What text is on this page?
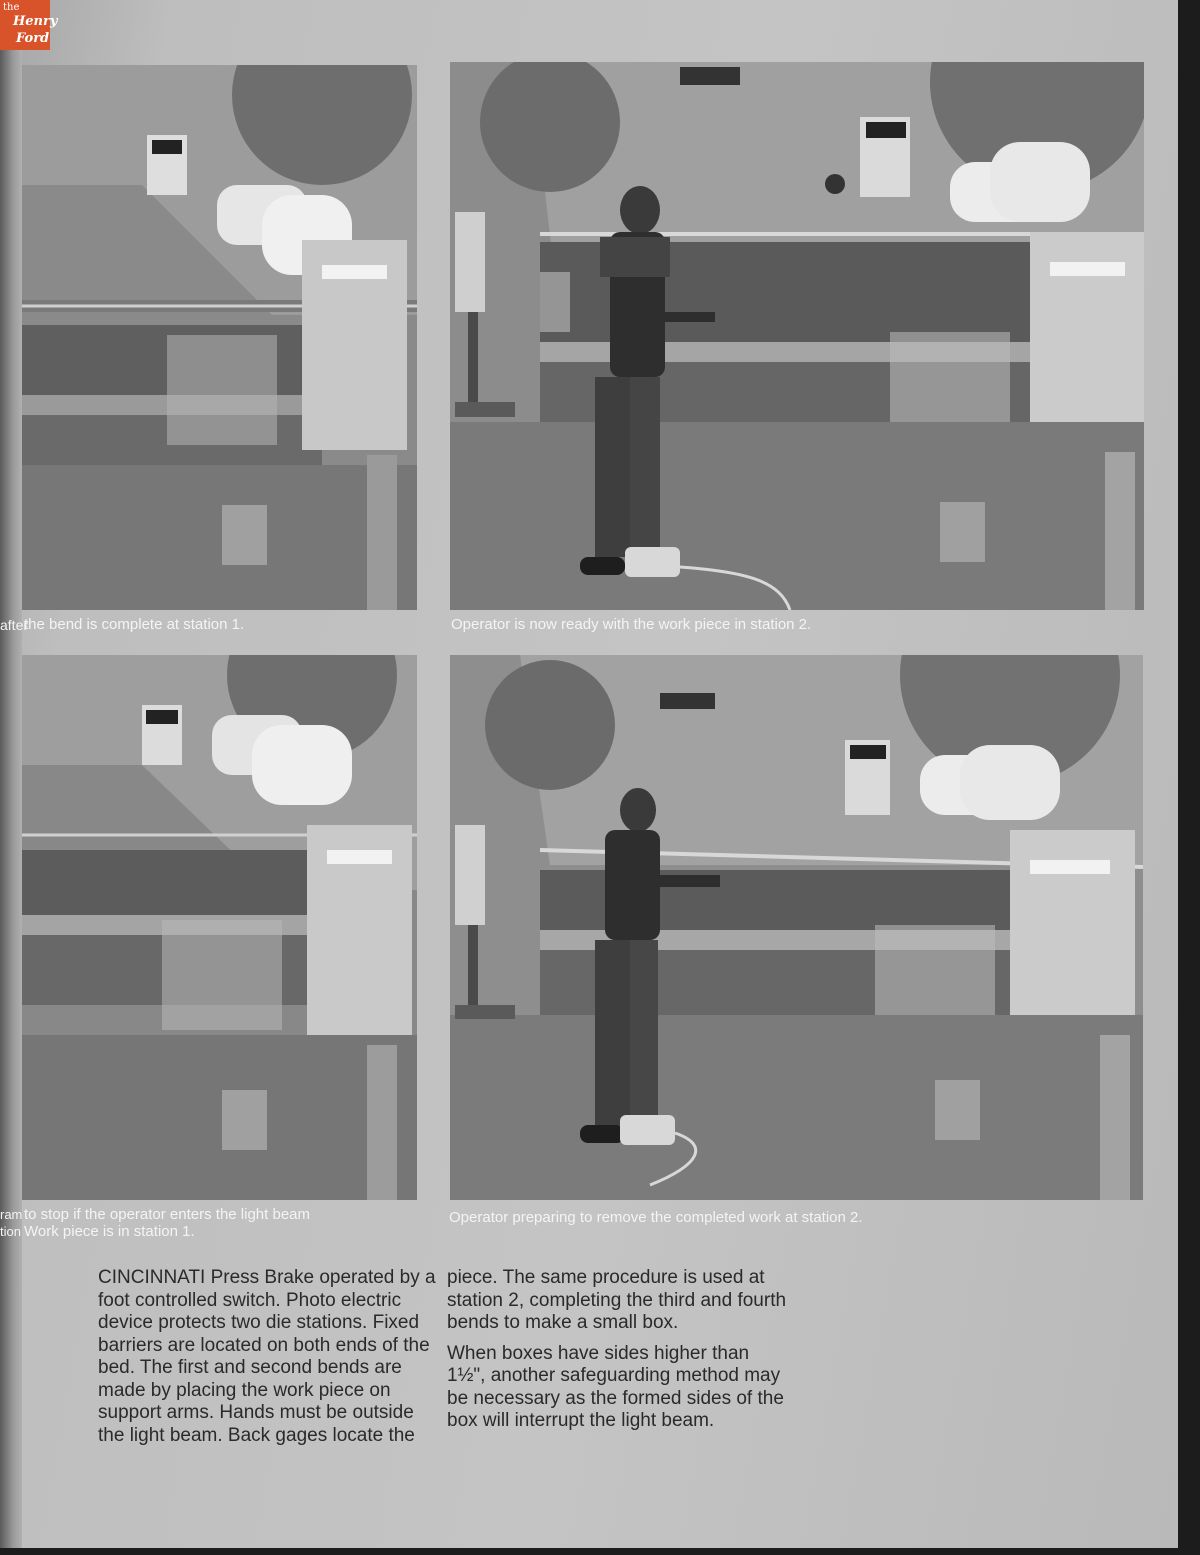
after
the bend is complete at station 1.	Operator is now ready with the work piece in station 2.
ram to stop if the operator enters the light beam
tion Work piece is in station 1.
Operator preparing to remove the completed work at station 2.

CINCINNATI Press Brake operated by a foot controlled switch. Photo electric device protects two die stations. Fixed barriers are located on both ends of the bed. The first and second bends are made by placing the work piece on support arms. Hands must be outside the light beam. Back gages locate the

piece. The same procedure is used at station 2, completing the third and fourth bends to make a small box.

When boxes have sides higher than 1½", another safeguarding method may be necessary as the formed sides of the box will interrupt the light beam.

the
Henry
Ford
